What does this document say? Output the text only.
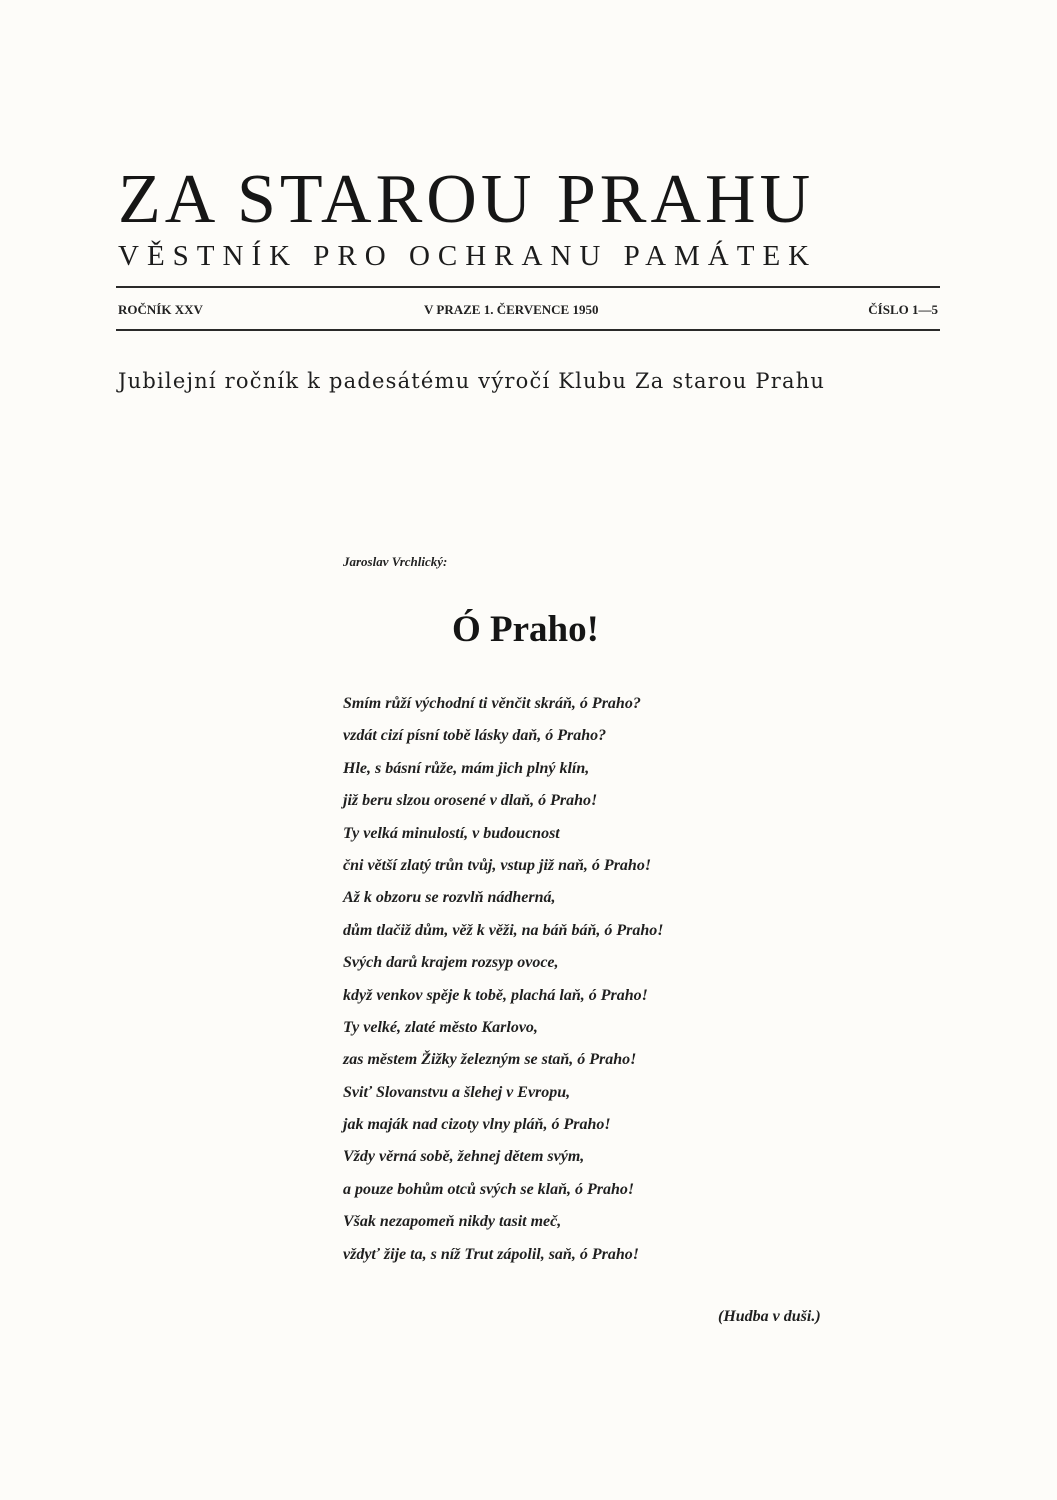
ZA STAROU PRAHU
VĚSTNÍK PRO OCHRANU PAMÁTEK
ROČNÍK XXV	V PRAZE 1. ČERVENCE 1950	ČÍSLO 1—5
Jubilejní ročník k padesátému výročí Klubu Za starou Prahu
Jaroslav Vrchlický:
Ó Praho!
Smím růží východní ti věnčit skráň, ó Praho?
vzdát cizí písní tobě lásky daň, ó Praho?
Hle, s básní růže, mám jich plný klín,
již beru slzou orosené v dlaň, ó Praho!
Ty velká minulostí, v budoucnost
čni větší zlatý trůn tvůj, vstup již naň, ó Praho!
Až k obzoru se rozvlň nádherná,
dům tlačiž dům, věž k věži, na báň báň, ó Praho!
Svých darů krajem rozsyp ovoce,
když venkov spěje k tobě, plachá laň, ó Praho!
Ty velké, zlaté město Karlovo,
zas městem Žižky železným se staň, ó Praho!
Sviť Slovanstvu a šlehej v Evropu,
jak maják nad cizoty vlny pláň, ó Praho!
Vždy věrná sobě, žehnej dětem svým,
a pouze bohům otců svých se klaň, ó Praho!
Však nezapomeň nikdy tasit meč,
vždyť žije ta, s níž Trut zápolil, saň, ó Praho!
(Hudba v duši.)
